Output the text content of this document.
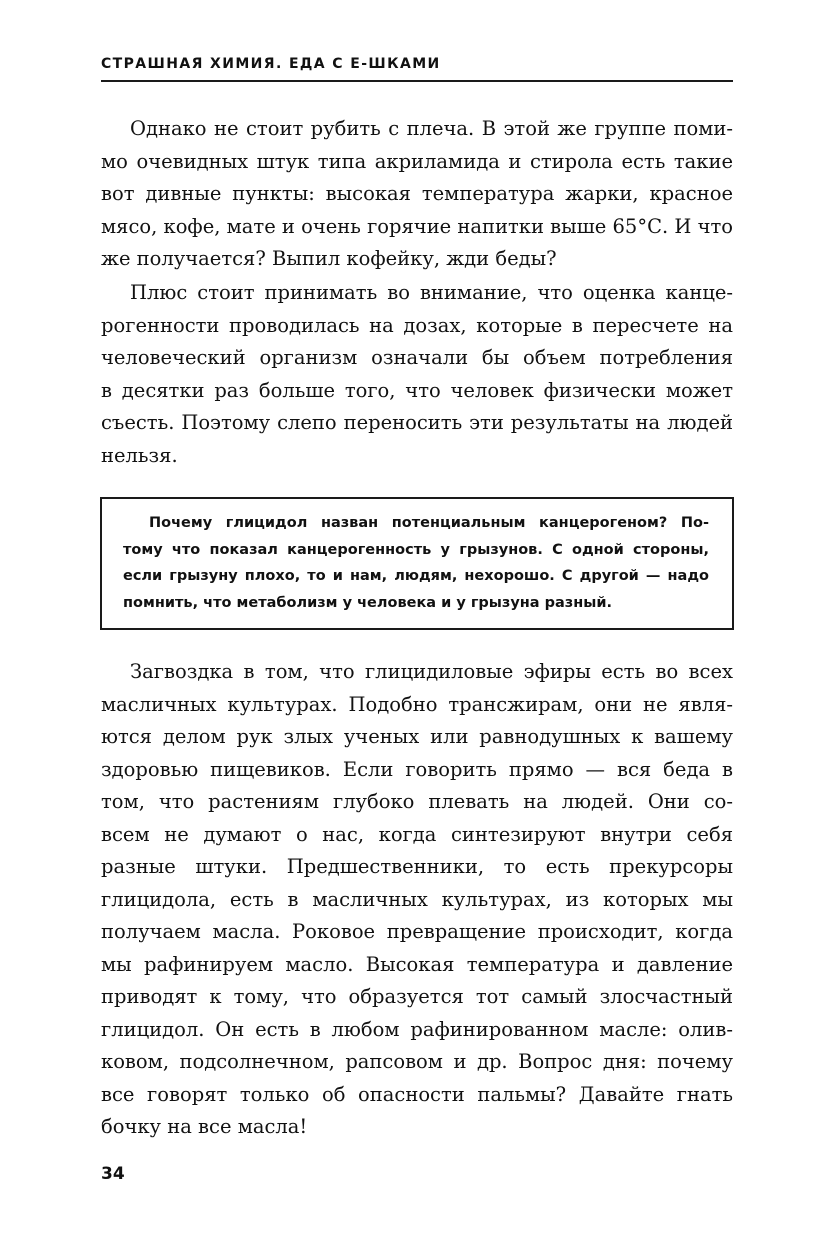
СТРАШНАЯ ХИМИЯ. ЕДА С Е-ШКАМИ
Однако не стоит рубить с плеча. В этой же группе поми-
мо очевидных штук типа акриламида и стирола есть такие
вот дивные пункты: высокая температура жарки, красное
мясо, кофе, мате и очень горячие напитки выше 65°С. И что
же получается? Выпил кофейку, жди беды?
Плюс стоит принимать во внимание, что оценка канце-
рогенности проводилась на дозах, которые в пересчете на
человеческий организм означали бы объем потребления
в десятки раз больше того, что человек физически может
съесть. Поэтому слепо переносить эти результаты на людей
нельзя.
Почему глицидол назван потенциальным канцерогеном? По-
тому что показал канцерогенность у грызунов. С одной стороны,
если грызуну плохо, то и нам, людям, нехорошо. С другой — надо
помнить, что метаболизм у человека и у грызуна разный.
Загвоздка в том, что глицидиловые эфиры есть во всех
масличных культурах. Подобно трансжирам, они не явля-
ются делом рук злых ученых или равнодушных к вашему
здоровью пищевиков. Если говорить прямо — вся беда в
том, что растениям глубоко плевать на людей. Они со-
всем не думают о нас, когда синтезируют внутри себя
разные штуки. Предшественники, то есть прекурсоры
глицидола, есть в масличных культурах, из которых мы
получаем масла. Роковое превращение происходит, когда
мы рафинируем масло. Высокая температура и давление
приводят к тому, что образуется тот самый злосчастный
глицидол. Он есть в любом рафинированном масле: олив-
ковом, подсолнечном, рапсовом и др. Вопрос дня: почему
все говорят только об опасности пальмы? Давайте гнать
бочку на все масла!
34
